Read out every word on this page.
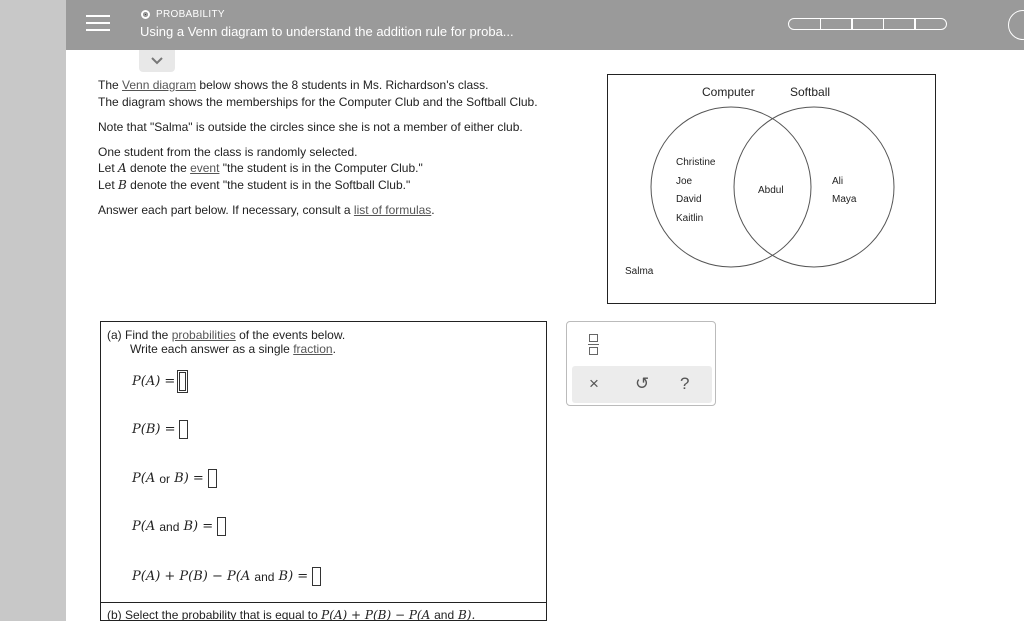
PROBABILITY
Using a Venn diagram to understand the addition rule for proba...

The Venn diagram below shows the 8 students in Ms. Richardson's class.
The diagram shows the memberships for the Computer Club and the Softball Club.

Note that "Salma" is outside the circles since she is not a member of either club.

One student from the class is randomly selected.
Let A denote the event "the student is in the Computer Club."
Let B denote the event "the student is in the Softball Club."

Answer each part below. If necessary, consult a list of formulas.

Computer	Softball
Christine
Joe
David
Kaitlin
Abdul
Ali
Maya
Salma
(a) Find the probabilities of the events below.
Write each answer as a single fraction.
P(A) =
P(B) =
P(A or B) =
P(A and B) =
P(A) + P(B) − P(A and B) =
(b) Select the probability that is equal to P(A) + P(B) − P(A and B).
× ↺ ?
